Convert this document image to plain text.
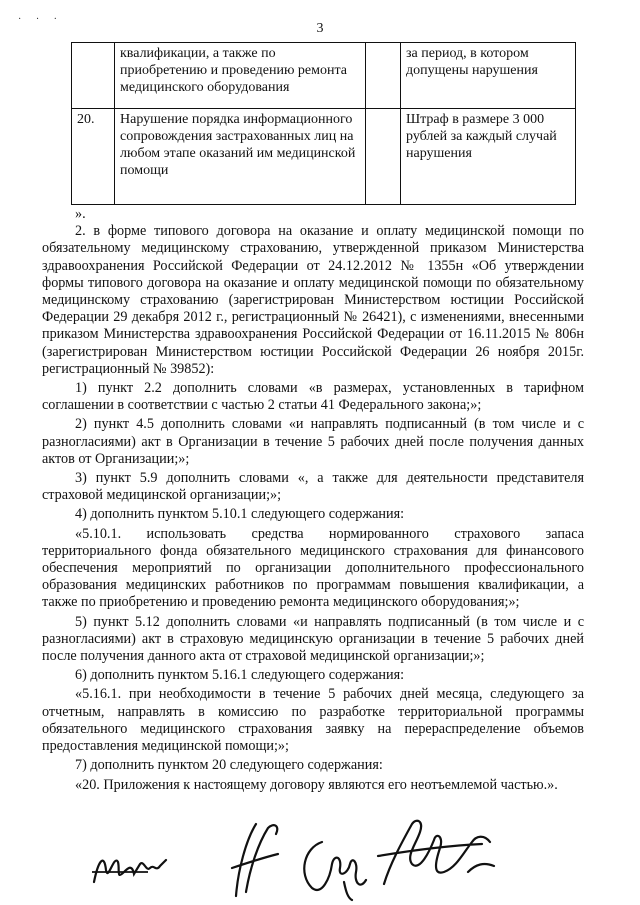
· · ·
3
	квалификации, а также по приобретению и проведению ремонта медицинского оборудования		за период, в котором допущены нарушения
20.	Нарушение порядка информационного сопровождения застрахованных лиц на любом этапе оказаний им медицинской помощи		Штраф в размере 3 000 рублей за каждый случай нарушения

».

2. в форме типового договора на оказание и оплату медицинской помощи по обязательному медицинскому страхованию, утвержденной приказом Министерства здравоохранения Российской Федерации от 24.12.2012 № 1355н «Об утверждении формы типового договора на оказание и оплату медицинской помощи по обязательному медицинскому страхованию (зарегистрирован Министерством юстиции Российской Федерации 29 декабря 2012 г., регистрационный № 26421), с изменениями, внесенными приказом Министерства здравоохранения Российской Федерации от 16.11.2015 № 806н (зарегистрирован Министерством юстиции Российской Федерации 26 ноября 2015г. регистрационный № 39852):

1) пункт 2.2 дополнить словами «в размерах, установленных в тарифном соглашении в соответствии с частью 2 статьи 41 Федерального закона;»;

2) пункт 4.5 дополнить словами «и направлять подписанный (в том числе и с разногласиями) акт в Организации в течение 5 рабочих дней после получения данных актов от Организации;»;

3) пункт 5.9 дополнить словами «, а также для деятельности представителя страховой медицинской организации;»;

4) дополнить пунктом 5.10.1 следующего содержания:

«5.10.1. использовать средства нормированного страхового запаса территориального фонда обязательного медицинского страхования для финансового обеспечения мероприятий по организации дополнительного профессионального образования медицинских работников по программам повышения квалификации, а также по приобретению и проведению ремонта медицинского оборудования;»;

5) пункт 5.12 дополнить словами «и направлять подписанный (в том числе и с разногласиями) акт в страховую медицинскую организации в течение 5 рабочих дней после получения данного акта от страховой медицинской организации;»;

6) дополнить пунктом 5.16.1 следующего содержания:

«5.16.1. при необходимости в течение 5 рабочих дней месяца, следующего за отчетным, направлять в комиссию по разработке территориальной программы обязательного медицинского страхования заявку на перераспределение объемов предоставления медицинской помощи;»;

7) дополнить пунктом 20 следующего содержания:

«20. Приложения к настоящему договору являются его неотъемлемой частью.».
